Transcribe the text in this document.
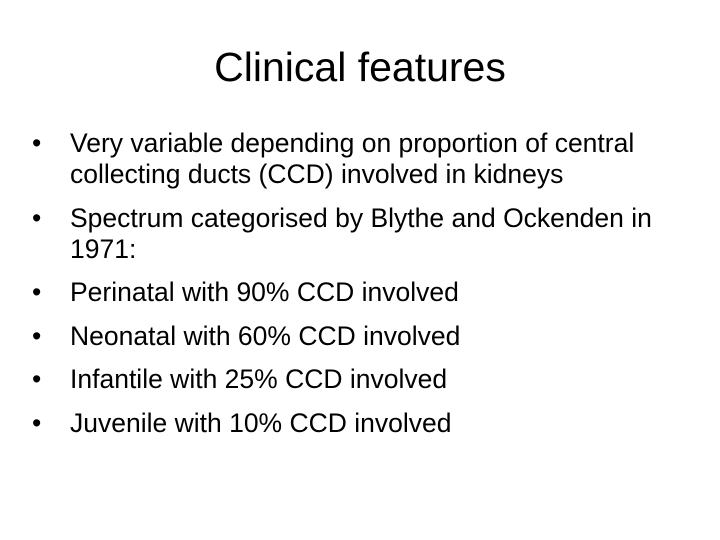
Clinical features
•	Very variable depending on proportion of central collecting ducts (CCD) involved in kidneys
•	Spectrum categorised by Blythe and Ockenden in 1971:
•	Perinatal with 90% CCD involved
•	Neonatal with 60% CCD involved
•	Infantile with 25% CCD involved
•	Juvenile with 10% CCD involved
